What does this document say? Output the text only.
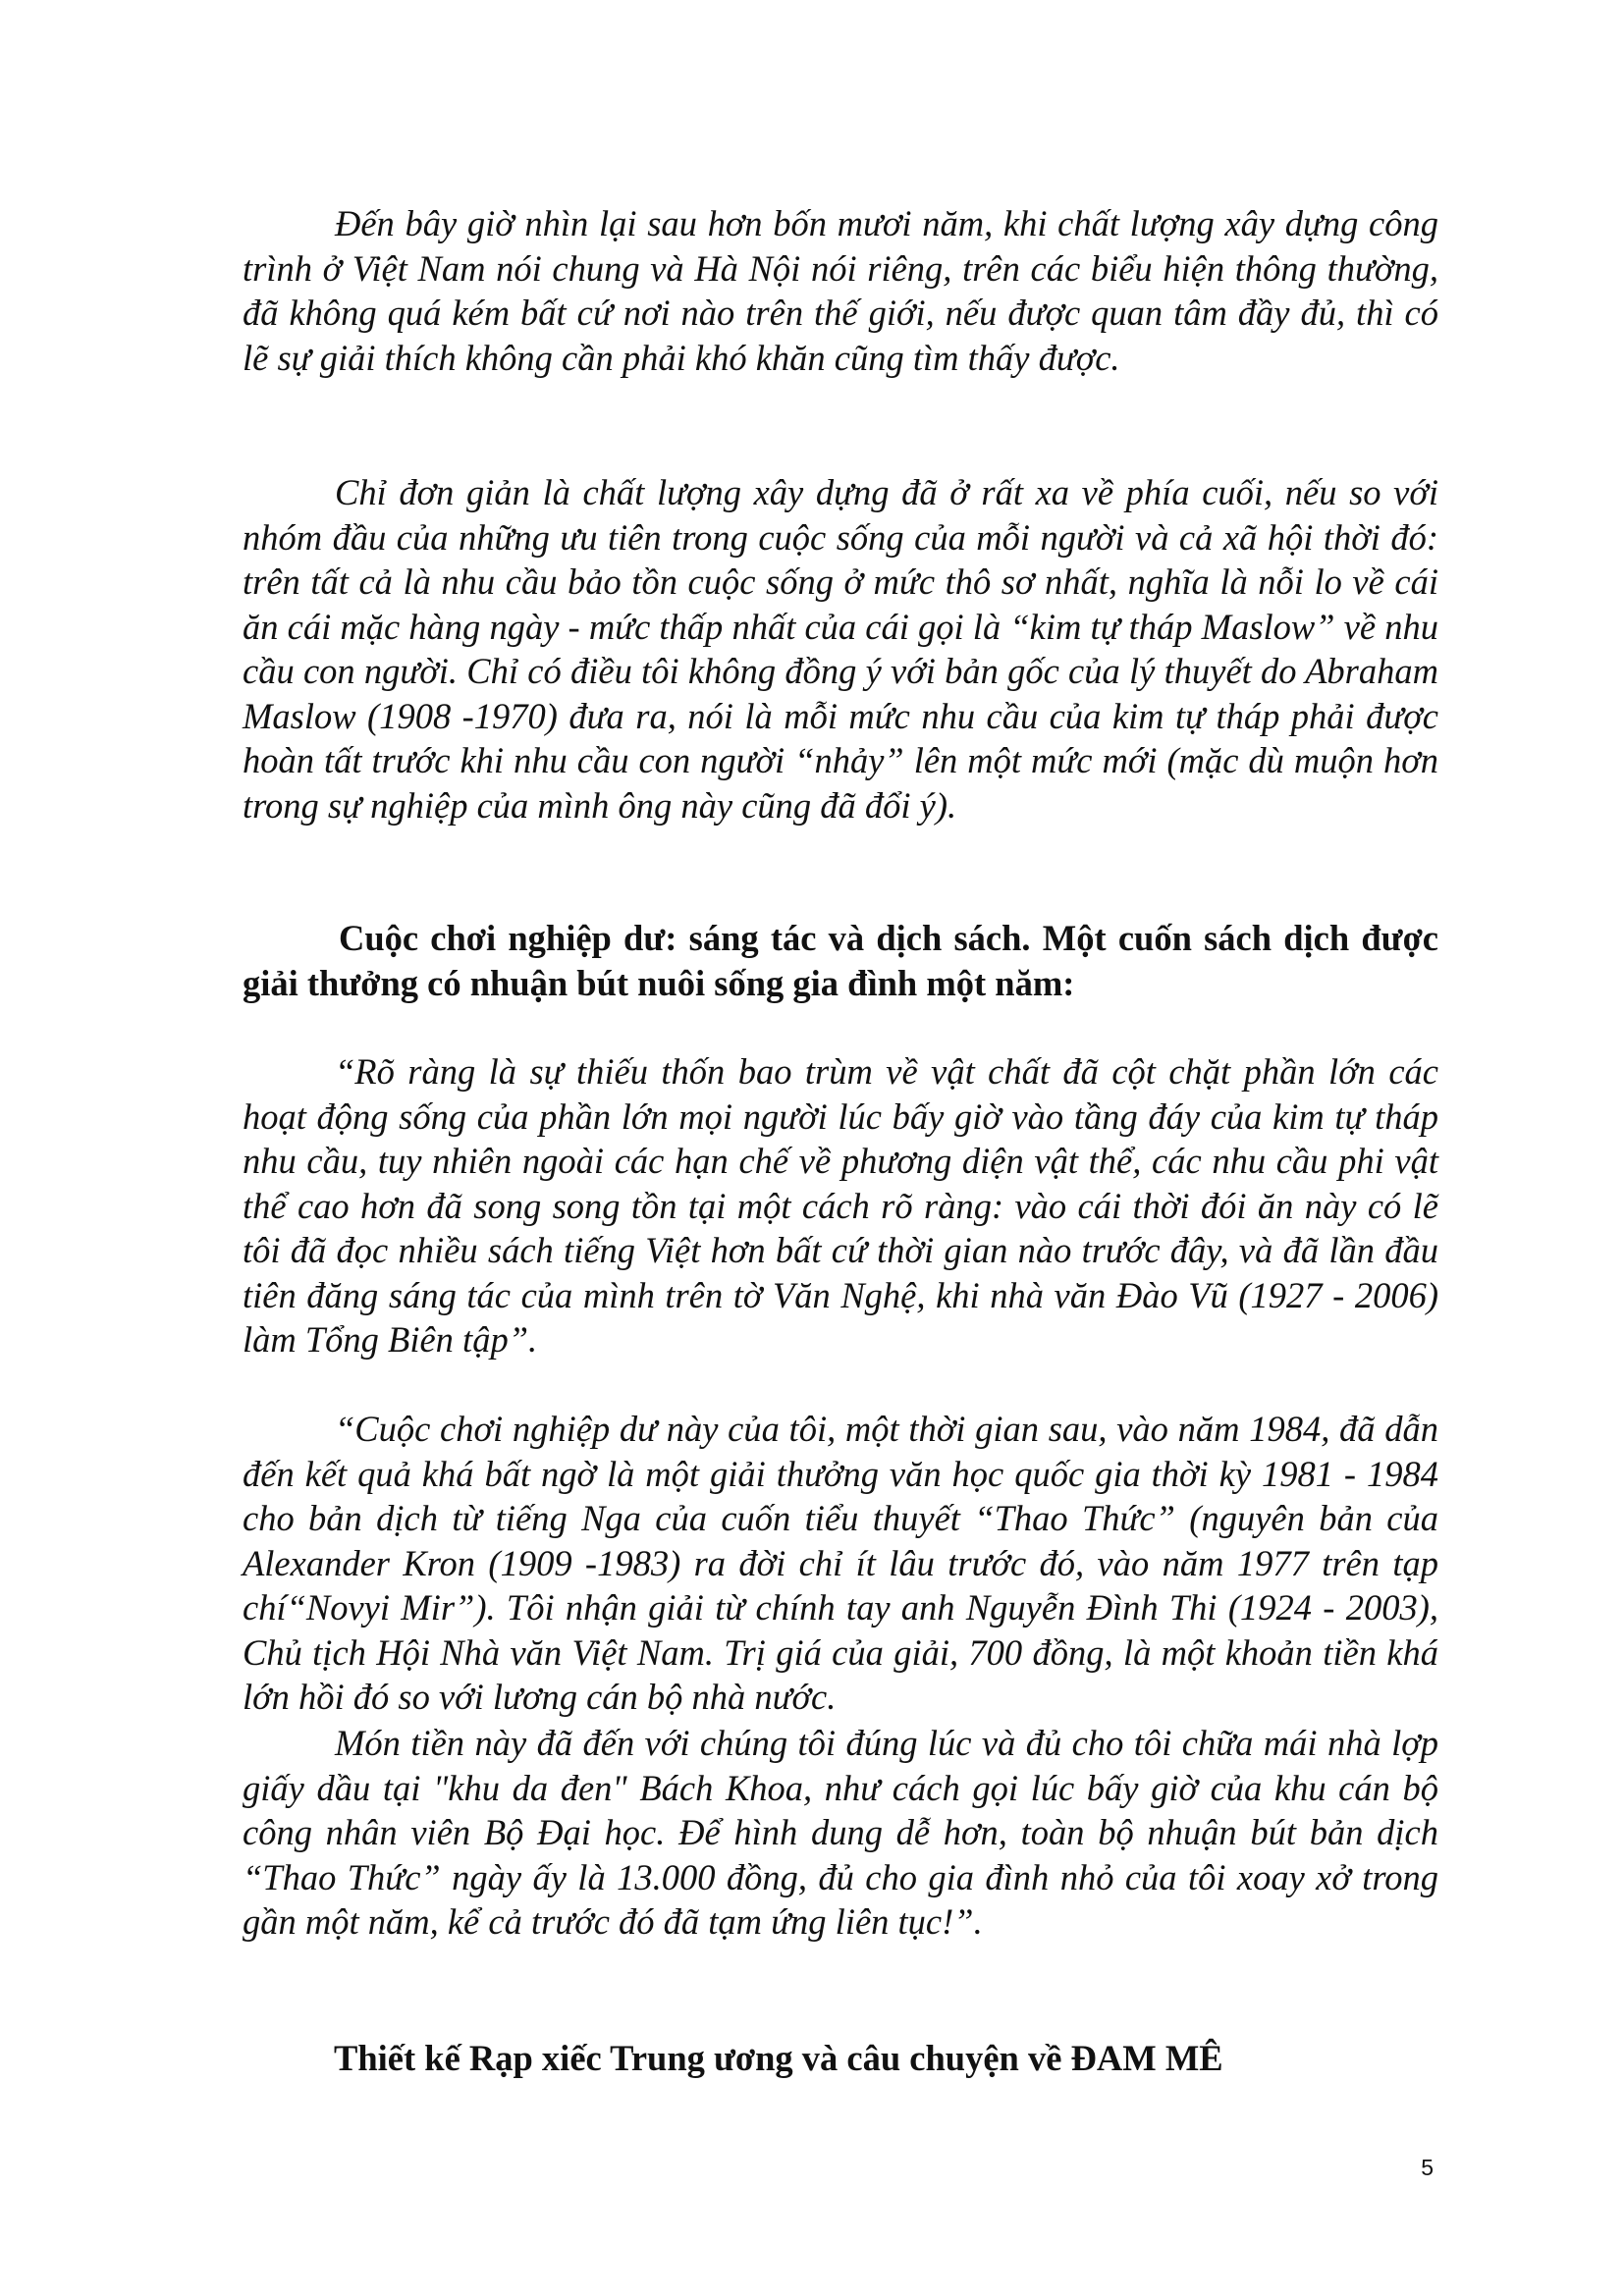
Đến bây giờ nhìn lại sau hơn bốn mươi năm, khi chất lượng xây dựng công trình ở Việt Nam nói chung và Hà Nội nói riêng, trên các biểu hiện thông thường, đã không quá kém bất cứ nơi nào trên thế giới, nếu được quan tâm đầy đủ, thì có lẽ sự giải thích không cần phải khó khăn cũng tìm thấy được.

Chỉ đơn giản là chất lượng xây dựng đã ở rất xa về phía cuối, nếu so với nhóm đầu của những ưu tiên trong cuộc sống của mỗi người và cả xã hội thời đó: trên tất cả là nhu cầu bảo tồn cuộc sống ở mức thô sơ nhất, nghĩa là nỗi lo về cái ăn cái mặc hàng ngày - mức thấp nhất của cái gọi là “kim tự tháp Maslow” về nhu cầu con người. Chỉ có điều tôi không đồng ý với bản gốc của lý thuyết do Abraham Maslow (1908 -1970) đưa ra, nói là mỗi mức nhu cầu của kim tự tháp phải được hoàn tất trước khi nhu cầu con người “nhảy” lên một mức mới (mặc dù muộn hơn trong sự nghiệp của mình ông này cũng đã đổi ý).

Cuộc chơi nghiệp dư: sáng tác và dịch sách. Một cuốn sách dịch được giải thưởng có nhuận bút nuôi sống gia đình một năm:

“Rõ ràng là sự thiếu thốn bao trùm về vật chất đã cột chặt phần lớn các hoạt động sống của phần lớn mọi người lúc bấy giờ vào tầng đáy của kim tự tháp nhu cầu, tuy nhiên ngoài các hạn chế về phương diện vật thể, các nhu cầu phi vật thể cao hơn đã song song tồn tại một cách rõ ràng: vào cái thời đói ăn này có lẽ tôi đã đọc nhiều sách tiếng Việt hơn bất cứ thời gian nào trước đây, và đã lần đầu tiên đăng sáng tác của mình trên tờ Văn Nghệ, khi nhà văn Đào Vũ (1927 - 2006) làm Tổng Biên tập”.

“Cuộc chơi nghiệp dư này của tôi, một thời gian sau, vào năm 1984, đã dẫn đến kết quả khá bất ngờ là một giải thưởng văn học quốc gia thời kỳ 1981 - 1984 cho bản dịch từ tiếng Nga của cuốn tiểu thuyết “Thao Thức” (nguyên bản của Alexander Kron (1909 -1983) ra đời chỉ ít lâu trước đó, vào năm 1977 trên tạp chí“Novyi Mir”). Tôi nhận giải từ chính tay anh Nguyễn Đình Thi (1924 - 2003), Chủ tịch Hội Nhà văn Việt Nam. Trị giá của giải, 700 đồng, là một khoản tiền khá lớn hồi đó so với lương cán bộ nhà nước.

Món tiền này đã đến với chúng tôi đúng lúc và đủ cho tôi chữa mái nhà lợp giấy dầu tại "khu da đen" Bách Khoa, như cách gọi lúc bấy giờ của khu cán bộ công nhân viên Bộ Đại học. Để hình dung dễ hơn, toàn bộ nhuận bút bản dịch “Thao Thức” ngày ấy là 13.000 đồng, đủ cho gia đình nhỏ của tôi xoay xở trong gần một năm, kể cả trước đó đã tạm ứng liên tục!”.

Thiết kế Rạp xiếc Trung ương và câu chuyện về ĐAM MÊ

5
